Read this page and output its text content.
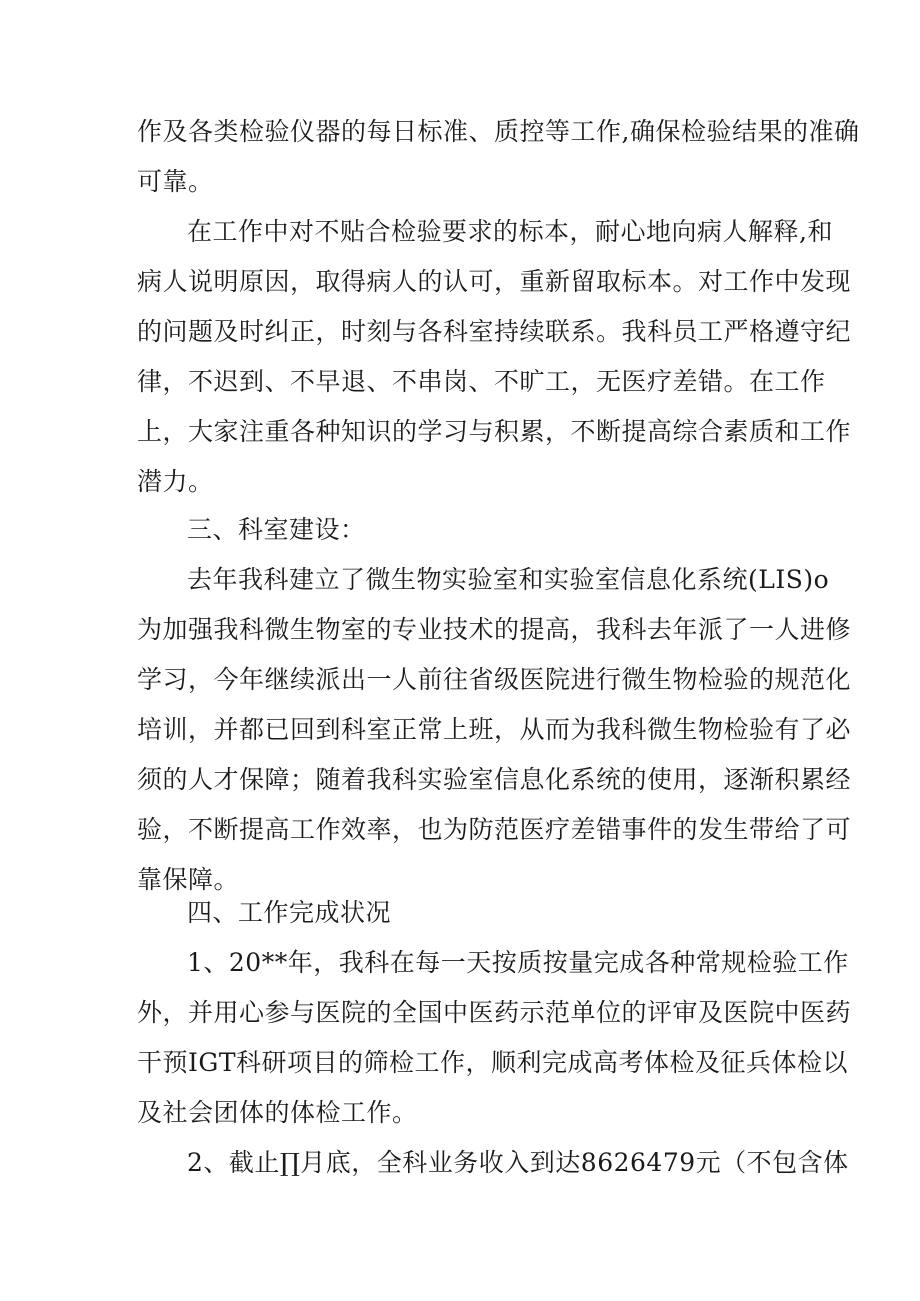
作及各类检验仪器的每日标准、质控等工作,确保检验结果的准确
可靠。
在工作中对不贴合检验要求的标本，耐心地向病人解释,和
病人说明原因，取得病人的认可，重新留取标本。对工作中发现
的问题及时纠正，时刻与各科室持续联系。我科员工严格遵守纪
律，不迟到、不早退、不串岗、不旷工，无医疗差错。在工作
上，大家注重各种知识的学习与积累，不断提高综合素质和工作
潜力。
三、科室建设：
去年我科建立了微生物实验室和实验室信息化系统(LIS)o
为加强我科微生物室的专业技术的提高，我科去年派了一人进修
学习，今年继续派出一人前往省级医院进行微生物检验的规范化
培训，并都已回到科室正常上班，从而为我科微生物检验有了必
须的人才保障；随着我科实验室信息化系统的使用，逐渐积累经
验，不断提高工作效率，也为防范医疗差错事件的发生带给了可
靠保障。
四、工作完成状况
1、20**年，我科在每一天按质按量完成各种常规检验工作
外，并用心参与医院的全国中医药示范单位的评审及医院中医药
干预IGT科研项目的筛检工作，顺利完成高考体检及征兵体检以
及社会团体的体检工作。
2、截止∏月底，全科业务收入到达8626479元（不包含体
